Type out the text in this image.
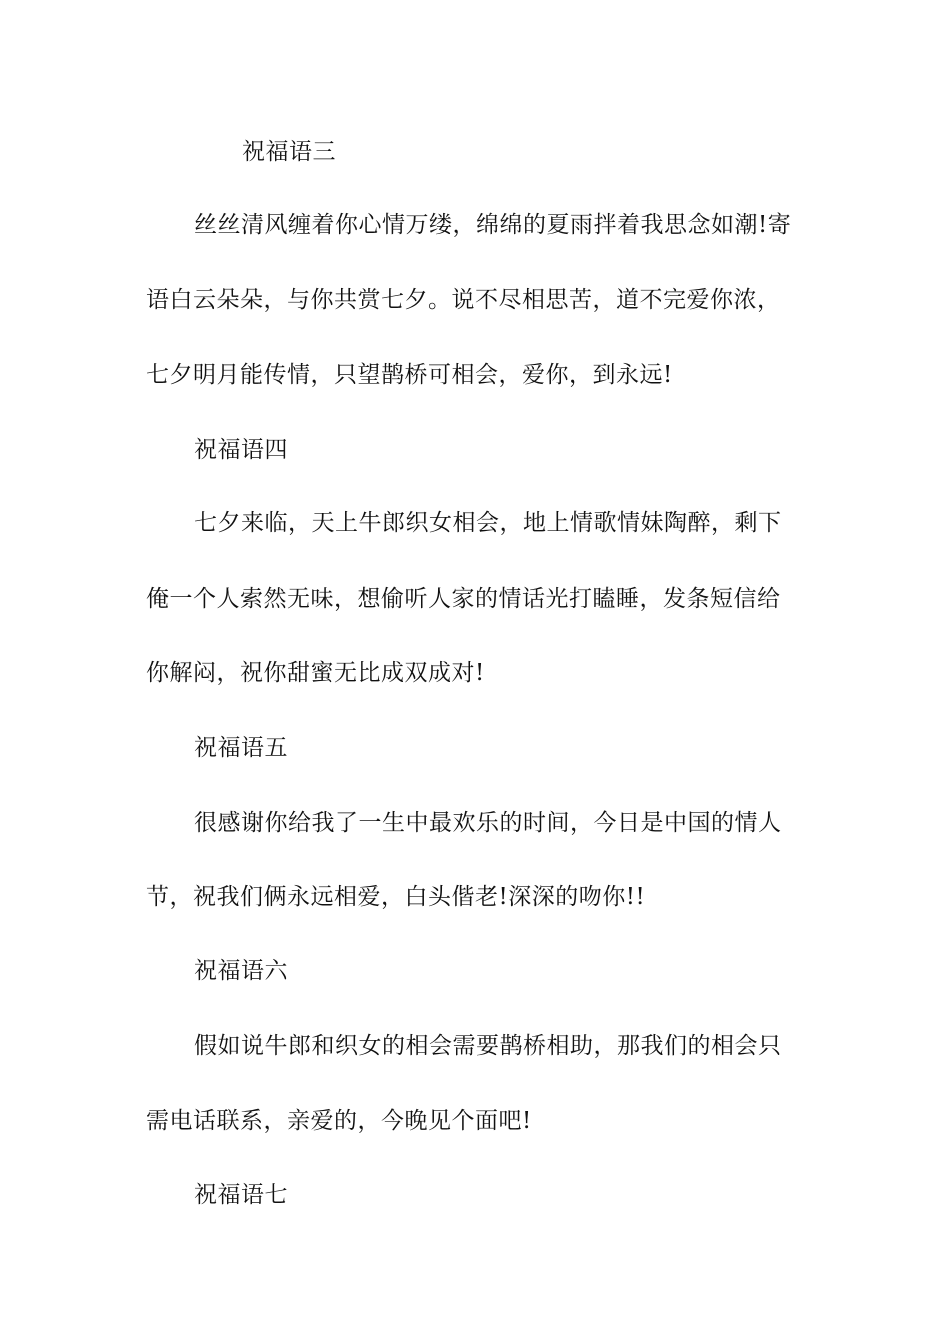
祝福语三
丝丝清风缠着你心情万缕，绵绵的夏雨拌着我思念如潮!寄
语白云朵朵，与你共赏七夕。说不尽相思苦，道不完爱你浓，
七夕明月能传情，只望鹊桥可相会，爱你，到永远!
祝福语四
七夕来临，天上牛郎织女相会，地上情歌情妹陶醉，剩下
俺一个人索然无味，想偷听人家的情话光打瞌睡，发条短信给
你解闷，祝你甜蜜无比成双成对!
祝福语五
很感谢你给我了一生中最欢乐的时间，今日是中国的情人
节，祝我们俩永远相爱，白头偕老!深深的吻你!!
祝福语六
假如说牛郎和织女的相会需要鹊桥相助，那我们的相会只
需电话联系，亲爱的，今晚见个面吧!
祝福语七
